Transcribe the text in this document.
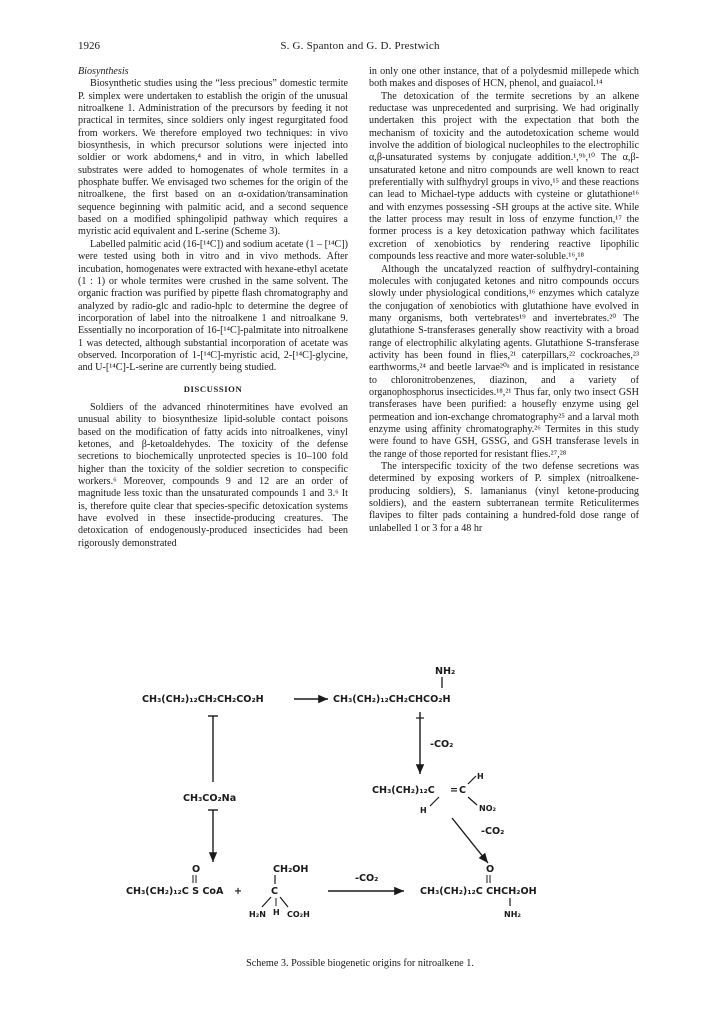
1926	S. G. Spanton and G. D. Prestwich

Biosynthesis

Biosynthetic studies using the “less precious” domestic termite P. simplex were undertaken to establish the origin of the unusual nitroalkene 1. Administration of the precursors by feeding it not practical in termites, since soldiers only ingest regurgitated food from workers. We therefore employed two techniques: in vivo biosynthesis, in which precursor solutions were injected into soldier or work abdomens,⁴ and in vitro, in which labelled substrates were added to homogenates of whole termites in a phosphate buffer. We envisaged two schemes for the origin of the nitroalkene, the first based on an α-oxidation/transamination sequence beginning with palmitic acid, and a second sequence based on a modified sphingolipid pathway which requires a myristic acid equivalent and L-serine (Scheme 3).

Labelled palmitic acid (16-[¹⁴C]) and sodium acetate (1 – [¹⁴C]) were tested using both in vitro and in vivo methods. After incubation, homogenates were extracted with hexane-ethyl acetate (1 : 1) or whole termites were crushed in the same solvent. The organic fraction was purified by pipette flash chromatography and analyzed by radio-glc and radio-hplc to determine the degree of incorporation of label into the nitroalkene 1 and nitroalkane 9. Essentially no incorporation of 16-[¹⁴C]-palmitate into nitroalkene 1 was detected, although substantial incorporation of acetate was observed. Incorporation of 1-[¹⁴C]-myristic acid, 2-[¹⁴C]-glycine, and U-[¹⁴C]-L-serine are currently being studied.

DISCUSSION

Soldiers of the advanced rhinotermitines have evolved an unusual ability to biosynthesize lipid-soluble contact poisons based on the modification of fatty acids into nitroalkenes, vinyl ketones, and β-ketoaldehydes. The toxicity of the defense secretions to biochemically unprotected species is 10–100 fold higher than the toxicity of the soldier secretion to conspecific workers.⁶ Moreover, compounds 9 and 12 are an order of magnitude less toxic than the unsaturated compounds 1 and 3.⁶ It is, therefore quite clear that species-specific detoxication systems have evolved in these insectide-producing creatures. The detoxication of endogenously-produced insecticides had been rigorously demonstrated

in only one other instance, that of a polydesmid millepede which both makes and disposes of HCN, phenol, and guaiacol.¹⁴

The detoxication of the termite secretions by an alkene reductase was unprecedented and surprising. We had originally undertaken this project with the expectation that both the mechanism of toxicity and the autodetoxication scheme would involve the addition of biological nucleophiles to the electrophilic α,β-unsaturated systems by conjugate addition.¹,⁹ᵇ,¹⁰ The α,β-unsaturated ketone and nitro compounds are well known to react preferentially with sulfhydryl groups in vivo,¹⁵ and these reactions can lead to Michael-type adducts with cysteine or glutathione¹⁶ and with enzymes possessing -SH groups at the active site. While the latter process may result in loss of enzyme function,¹⁷ the former process is a key detoxication pathway which facilitates excretion of xenobiotics by rendering reactive lipophilic compounds less reactive and more water-soluble.¹⁶,¹⁸

Although the uncatalyzed reaction of sulfhydryl-containing molecules with conjugated ketones and nitro compounds occurs slowly under physiological conditions,¹⁶ enzymes which catalyze the conjugation of xenobiotics with glutathione have evolved in many organisms, both vertebrates¹⁹ and invertebrates.²⁰ The glutathione S-transferases generally show reactivity with a broad range of electrophilic alkylating agents. Glutathione S-transferase activity has been found in flies,²¹ caterpillars,²² cockroaches,²³ earthworms,²⁴ and beetle larvae²⁰ᵃ and is implicated in resistance to chloronitrobenzenes, diazinon, and a variety of organophosphorus insecticides.¹⁸,²¹ Thus far, only two insect GSH transferases have been purified: a housefly enzyme using gel permeation and ion-exchange chromatography²⁵ and a larval moth enzyme using affinity chromatography.²⁶ Termites in this study were found to have GSH, GSSG, and GSH transferase levels in the range of those reported for resistant flies.²⁷,²⁸

The interspecific toxicity of the two defense secretions was determined by exposing workers of P. simplex (nitroalkene-producing soldiers), S. lamanianus (vinyl ketone-producing soldiers), and the eastern subterranean termite Reticulitermes flavipes to filter pads containing a hundred-fold dose range of unlabelled 1 or 3 for a 48 hr

NH₂
CH₃(CH₂)₁₂CH₂CH₂CO₂H	CH₃(CH₂)₁₂CH₂CHCO₂H
-CO₂
CH₃CO₂Na
CH₃(CH₂)₁₂C = C
H
NO₂
H
-CO₂
O
CH₃(CH₂)₁₂C S CoA +
CH₂OH
C
H₂N H CO₂H
-CO₂
O
CH₃(CH₂)₁₂C CHCH₂OH
NH₂
Scheme 3. Possible biogenetic origins for nitroalkene 1.
